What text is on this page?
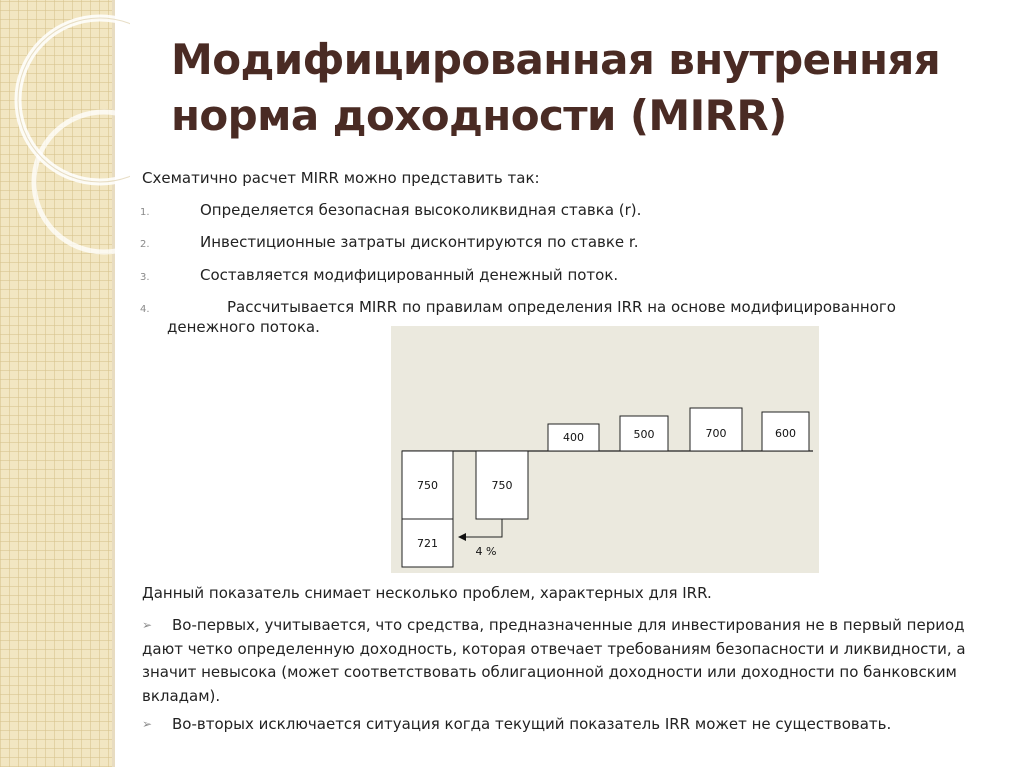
Модифицированная внутренняя норма доходности (MIRR)
Схематично расчет MIRR можно представить так:
1.	Определяется безопасная высоколиквидная ставка (r).
2.	Инвестиционные затраты дисконтируются по ставке r.
3.	Составляется модифицированный денежный поток.
4.	Рассчитывается MIRR по правилам определения IRR на основе модифицированного денежного потока.
750	750
721
4 %
400	500	700	600
Данный показатель снимает несколько проблем, характерных для IRR.
➢ Во-первых, учитывается, что средства, предназначенные для инвестирования не в первый период дают четко определенную доходность, которая отвечает требованиям безопасности и ликвидности, а значит невысока (может соответствовать облигационной доходности или доходности по банковским вкладам).
➢ Во-вторых исключается ситуация когда текущий показатель IRR может не существовать.
